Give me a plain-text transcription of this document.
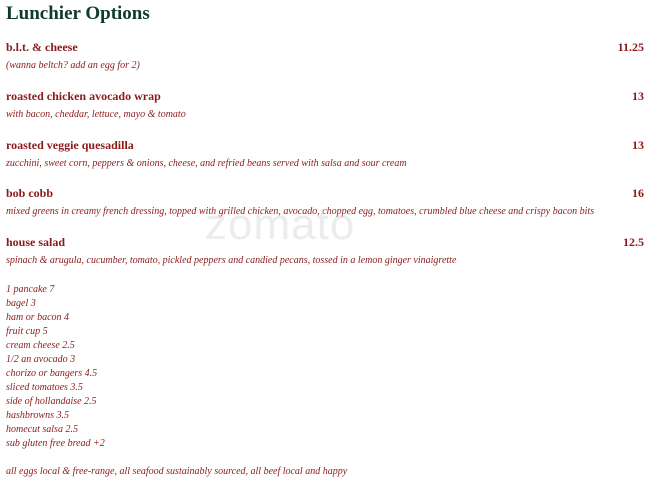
Lunchier Options
b.l.t. & cheese	11.25
(wanna beltch? add an egg for 2)
roasted chicken avocado wrap	13
with bacon, cheddar, lettuce, mayo & tomato
roasted veggie quesadilla	13
zucchini, sweet corn, peppers & onions, cheese, and refried beans served with salsa and sour cream
bob cobb	16
mixed greens in creamy french dressing, topped with grilled chicken, avocado, chopped egg, tomatoes, crumbled blue cheese and crispy bacon bits
house salad	12.5
spinach & arugula, cucumber, tomato, pickled peppers and candied pecans, tossed in a lemon ginger vinaigrette
1 pancake 7
bagel 3
ham or bacon 4
fruit cup 5
cream cheese 2.5
1/2 an avocado 3
chorizo or bangers 4.5
sliced tomatoes 3.5
side of hollandaise 2.5
hashbrowns 3.5
homecut salsa 2.5
sub gluten free bread +2
all eggs local & free-range, all seafood sustainably sourced, all beef local and happy
zomato
